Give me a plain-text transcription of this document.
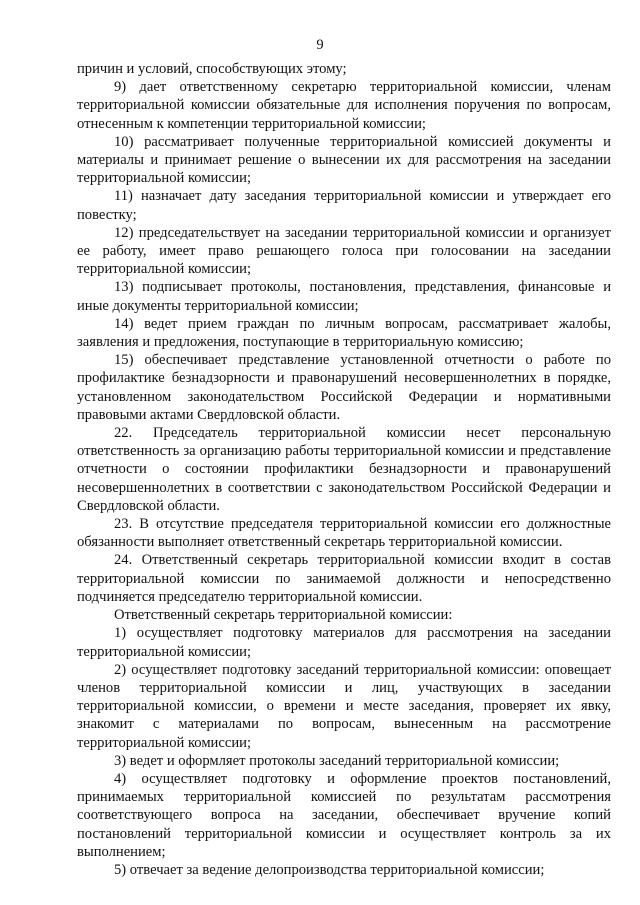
9

причин и условий, способствующих этому;

9) дает ответственному секретарю территориальной комиссии, членам территориальной комиссии обязательные для исполнения поручения по вопросам, отнесенным к компетенции территориальной комиссии;

10) рассматривает полученные территориальной комиссией документы и материалы и принимает решение о вынесении их для рассмотрения на заседании территориальной комиссии;

11) назначает дату заседания территориальной комиссии и утверждает его повестку;

12) председательствует на заседании территориальной комиссии и организует ее работу, имеет право решающего голоса при голосовании на заседании территориальной комиссии;

13) подписывает протоколы, постановления, представления, финансовые и иные документы территориальной комиссии;

14) ведет прием граждан по личным вопросам, рассматривает жалобы, заявления и предложения, поступающие в территориальную комиссию;

15) обеспечивает представление установленной отчетности о работе по профилактике безнадзорности и правонарушений несовершеннолетних в порядке, установленном законодательством Российской Федерации и нормативными правовыми актами Свердловской области.

22. Председатель территориальной комиссии несет персональную ответственность за организацию работы территориальной комиссии и представление отчетности о состоянии профилактики безнадзорности и правонарушений несовершеннолетних в соответствии с законодательством Российской Федерации и Свердловской области.

23. В отсутствие председателя территориальной комиссии его должностные обязанности выполняет ответственный секретарь территориальной комиссии.

24. Ответственный секретарь территориальной комиссии входит в состав территориальной комиссии по занимаемой должности и непосредственно подчиняется председателю территориальной комиссии.

Ответственный секретарь территориальной комиссии:

1) осуществляет подготовку материалов для рассмотрения на заседании территориальной комиссии;

2) осуществляет подготовку заседаний территориальной комиссии: оповещает членов территориальной комиссии и лиц, участвующих в заседании территориальной комиссии, о времени и месте заседания, проверяет их явку, знакомит с материалами по вопросам, вынесенным на рассмотрение территориальной комиссии;

3) ведет и оформляет протоколы заседаний территориальной комиссии;

4) осуществляет подготовку и оформление проектов постановлений, принимаемых территориальной комиссией по результатам рассмотрения соответствующего вопроса на заседании, обеспечивает вручение копий постановлений территориальной комиссии и осуществляет контроль за их выполнением;

5) отвечает за ведение делопроизводства территориальной комиссии;
